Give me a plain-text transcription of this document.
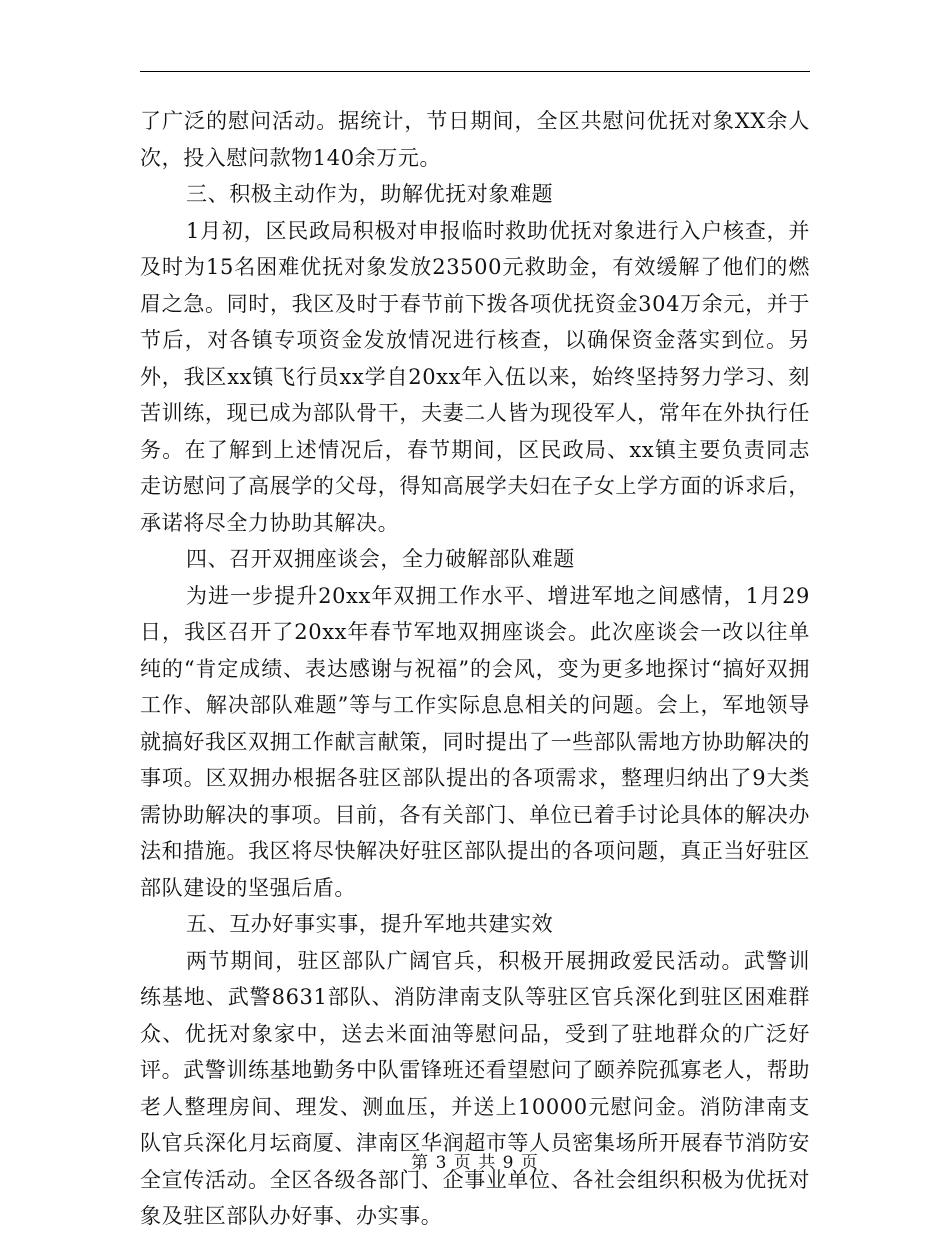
了广泛的慰问活动。据统计，节日期间，全区共慰问优抚对象XX余人次，投入慰问款物140余万元。

三、积极主动作为，助解优抚对象难题

1月初，区民政局积极对申报临时救助优抚对象进行入户核查，并及时为15名困难优抚对象发放23500元救助金，有效缓解了他们的燃眉之急。同时，我区及时于春节前下拨各项优抚资金304万余元，并于节后，对各镇专项资金发放情况进行核查，以确保资金落实到位。另外，我区xx镇飞行员xx学自20xx年入伍以来，始终坚持努力学习、刻苦训练，现已成为部队骨干，夫妻二人皆为现役军人，常年在外执行任务。在了解到上述情况后，春节期间，区民政局、xx镇主要负责同志走访慰问了高展学的父母，得知高展学夫妇在子女上学方面的诉求后，承诺将尽全力协助其解决。

四、召开双拥座谈会，全力破解部队难题

为进一步提升20xx年双拥工作水平、增进军地之间感情，1月29日，我区召开了20xx年春节军地双拥座谈会。此次座谈会一改以往单纯的“肯定成绩、表达感谢与祝福”的会风，变为更多地探讨“搞好双拥工作、解决部队难题”等与工作实际息息相关的问题。会上，军地领导就搞好我区双拥工作献言献策，同时提出了一些部队需地方协助解决的事项。区双拥办根据各驻区部队提出的各项需求，整理归纳出了9大类需协助解决的事项。目前，各有关部门、单位已着手讨论具体的解决办法和措施。我区将尽快解决好驻区部队提出的各项问题，真正当好驻区部队建设的坚强后盾。

五、互办好事实事，提升军地共建实效

两节期间，驻区部队广阔官兵，积极开展拥政爱民活动。武警训练基地、武警8631部队、消防津南支队等驻区官兵深化到驻区困难群众、优抚对象家中，送去米面油等慰问品，受到了驻地群众的广泛好评。武警训练基地勤务中队雷锋班还看望慰问了颐养院孤寡老人，帮助老人整理房间、理发、测血压，并送上10000元慰问金。消防津南支队官兵深化月坛商厦、津南区华润超市等人员密集场所开展春节消防安全宣传活动。全区各级各部门、企事业单位、各社会组织积极为优抚对象及驻区部队办好事、办实事。

第 3 页 共 9 页
